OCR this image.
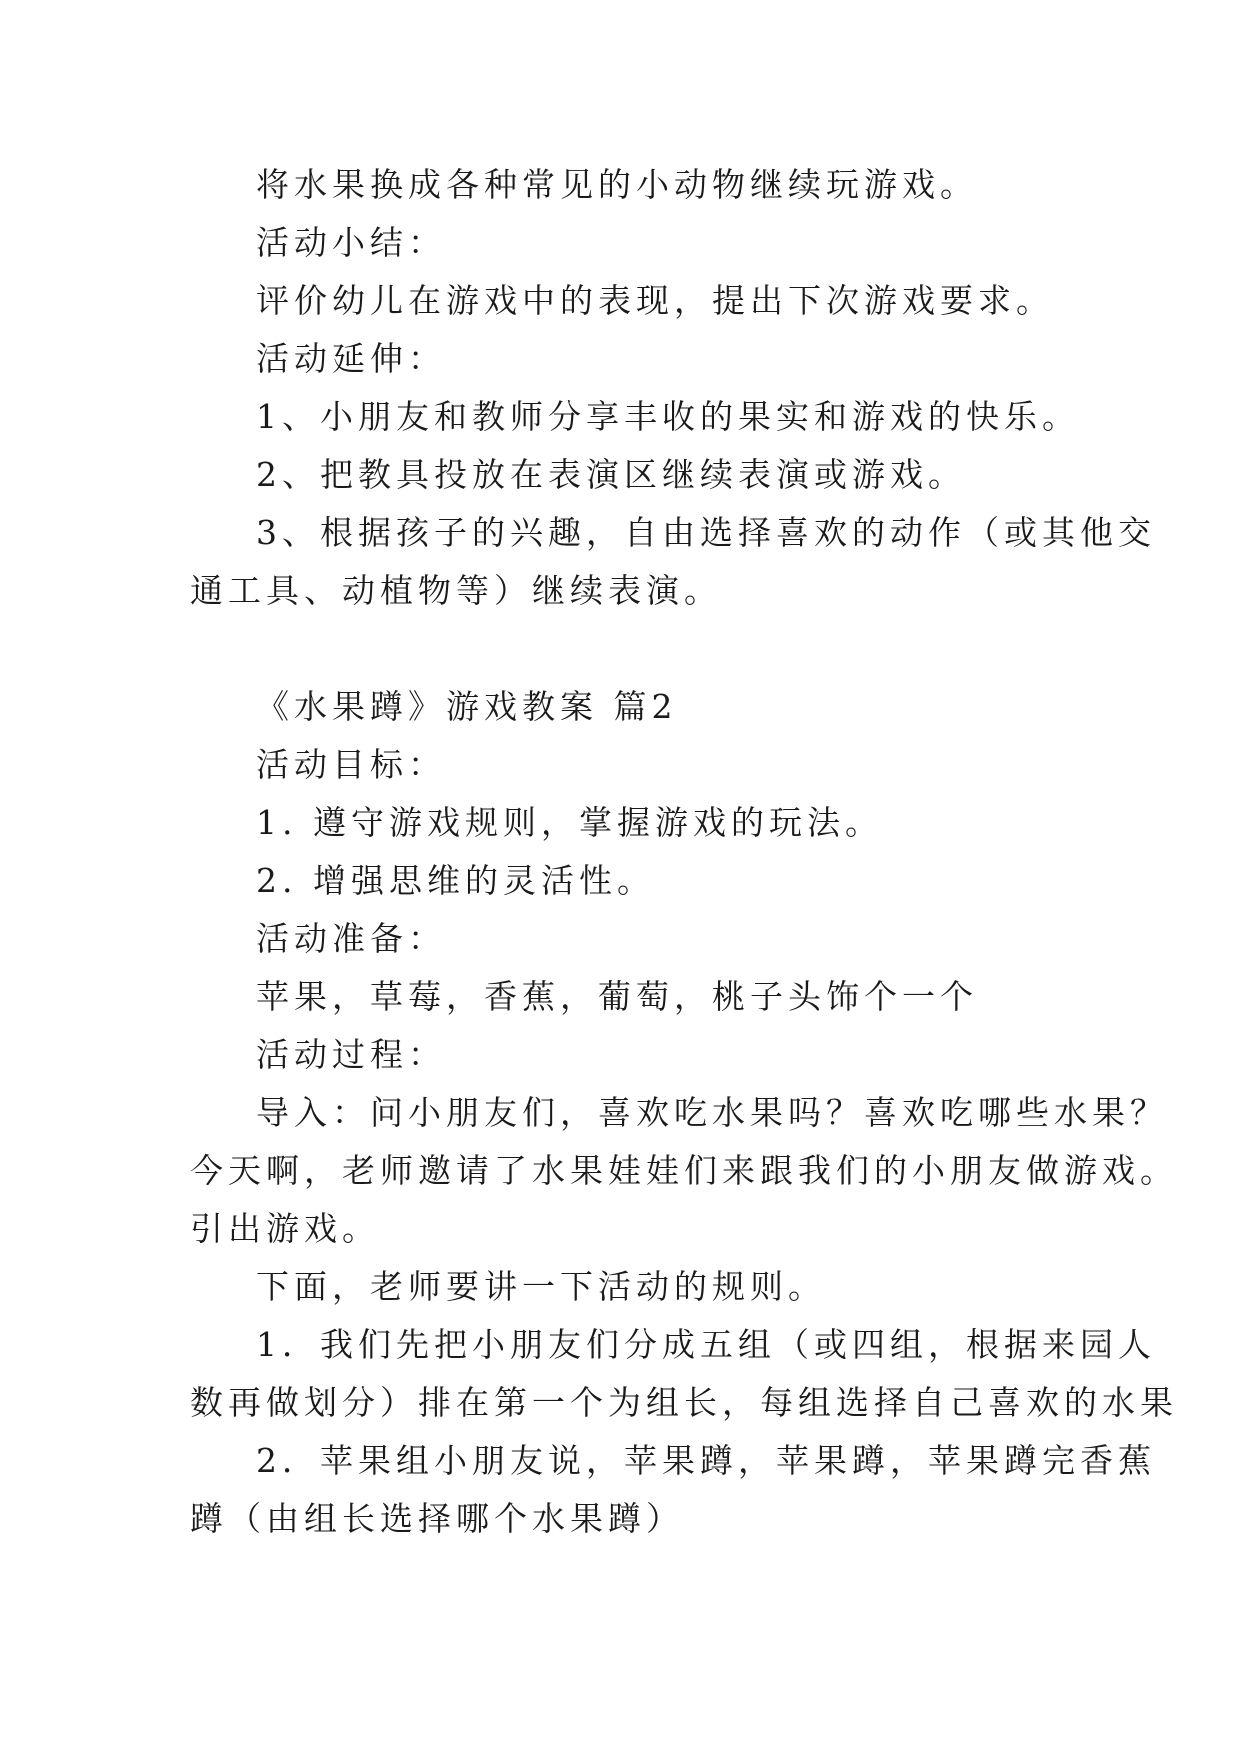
将水果换成各种常见的小动物继续玩游戏。

活动小结：

评价幼儿在游戏中的表现，提出下次游戏要求。

活动延伸：

1、小朋友和教师分享丰收的果实和游戏的快乐。

2、把教具投放在表演区继续表演或游戏。

3、根据孩子的兴趣，自由选择喜欢的动作（或其他交

通工具、动植物等）继续表演。

《水果蹲》游戏教案 篇2

活动目标：

1. 遵守游戏规则，掌握游戏的玩法。

2. 增强思维的灵活性。

活动准备：

苹果，草莓，香蕉，葡萄，桃子头饰个一个

活动过程：

导入：问小朋友们，喜欢吃水果吗？喜欢吃哪些水果？

今天啊，老师邀请了水果娃娃们来跟我们的小朋友做游戏。

引出游戏。

下面，老师要讲一下活动的规则。

1．我们先把小朋友们分成五组（或四组，根据来园人

数再做划分）排在第一个为组长，每组选择自己喜欢的水果

2．苹果组小朋友说，苹果蹲，苹果蹲，苹果蹲完香蕉

蹲（由组长选择哪个水果蹲）
